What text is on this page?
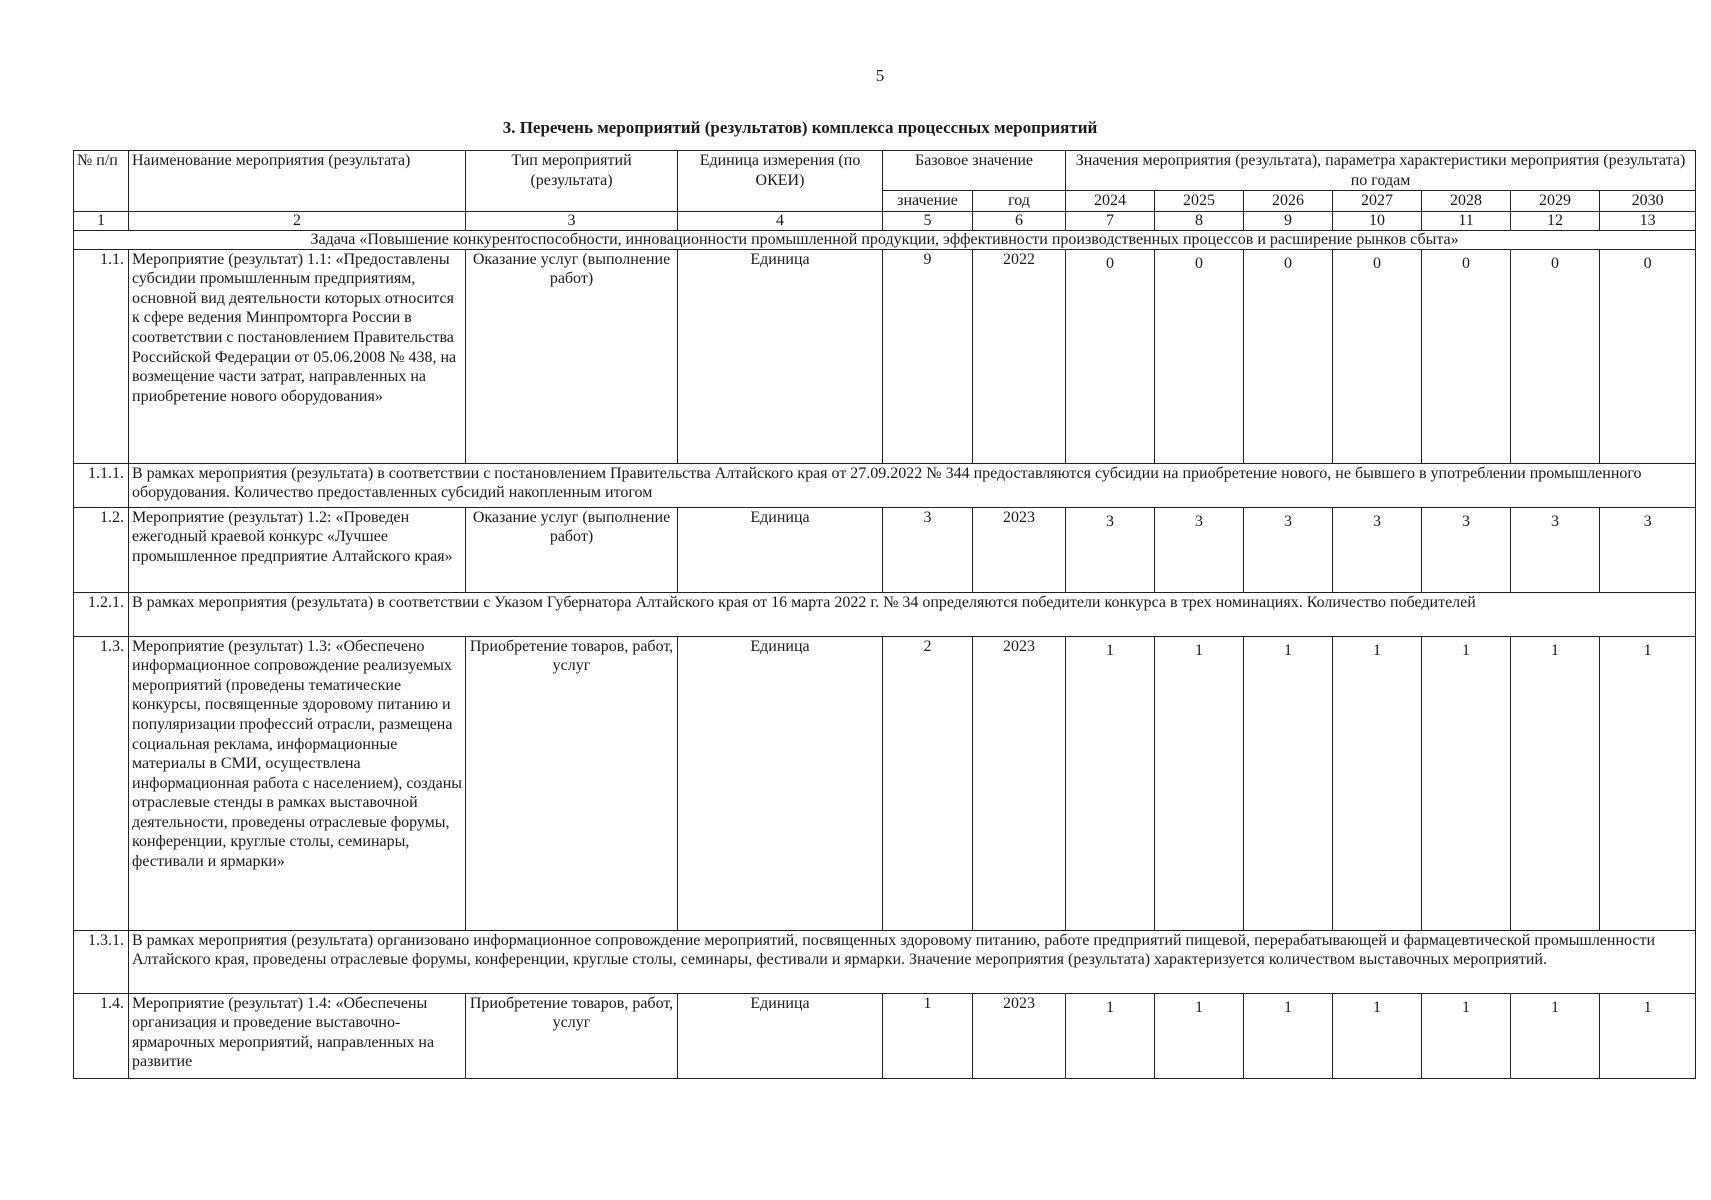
5
3. Перечень мероприятий (результатов) комплекса процессных мероприятий
№ п/п	Наименование мероприятия (результата)	Тип мероприятий (результата)	Единица измерения (по ОКЕИ)	Базовое значение		Значения мероприятия (результата), параметра характеристики мероприятия (результата) по годам						
				значение	год	2024	2025	2026	2027	2028	2029	2030
1	2	3	4	5	6	7	8	9	10	11	12	13
Задача «Повышение конкурентоспособности, инновационности промышленной продукции, эффективности производственных процессов и расширение рынков сбыта»												
1.1.	Мероприятие (результат) 1.1: «Предоставлены субсидии промышленным предприятиям, основной вид деятельности которых относится к сфере ведения Минпромторга России в соответствии с постановлением Правительства Российской Федерации от 05.06.2008 № 438, на возмещение части затрат, направленных на приобретение нового оборудования»	Оказание услуг (выполнение работ)	Единица	9	2022	0	0	0	0	0	0	0
1.1.1.	В рамках мероприятия (результата) в соответствии с постановлением Правительства Алтайского края от 27.09.2022 № 344 предоставляются субсидии на приобретение нового, не бывшего в употреблении промышленного оборудования. Количество предоставленных субсидий накопленным итогом											
1.2.	Мероприятие (результат) 1.2: «Проведен ежегодный краевой конкурс «Лучшее промышленное предприятие Алтайского края»	Оказание услуг (выполнение работ)	Единица	3	2023	3	3	3	3	3	3	3
1.2.1.	В рамках мероприятия (результата) в соответствии с Указом Губернатора Алтайского края от 16 марта 2022 г. № 34 определяются победители конкурса в трех номинациях. Количество победителей											
1.3.	Мероприятие (результат) 1.3: «Обеспечено информационное сопровождение реализуемых мероприятий (проведены тематические конкурсы, посвященные здоровому питанию и популяризации профессий отрасли, размещена социальная реклама, информационные материалы в СМИ, осуществлена информационная работа с населением), созданы отраслевые стенды в рамках выставочной деятельности, проведены отраслевые форумы, конференции, круглые столы, семинары, фестивали и ярмарки»	Приобретение товаров, работ, услуг	Единица	2	2023	1	1	1	1	1	1	1
1.3.1.	В рамках мероприятия (результата) организовано информационное сопровождение мероприятий, посвященных здоровому питанию, работе предприятий пищевой, перерабатывающей и фармацевтической промышленности Алтайского края, проведены отраслевые форумы, конференции, круглые столы, семинары, фестивали и ярмарки. Значение мероприятия (результата) характеризуется количеством выставочных мероприятий.											
1.4.	Мероприятие (результат) 1.4: «Обеспечены организация и проведение выставочно-ярмарочных мероприятий, направленных на развитие	Приобретение товаров, работ, услуг	Единица	1	2023	1	1	1	1	1	1	1
